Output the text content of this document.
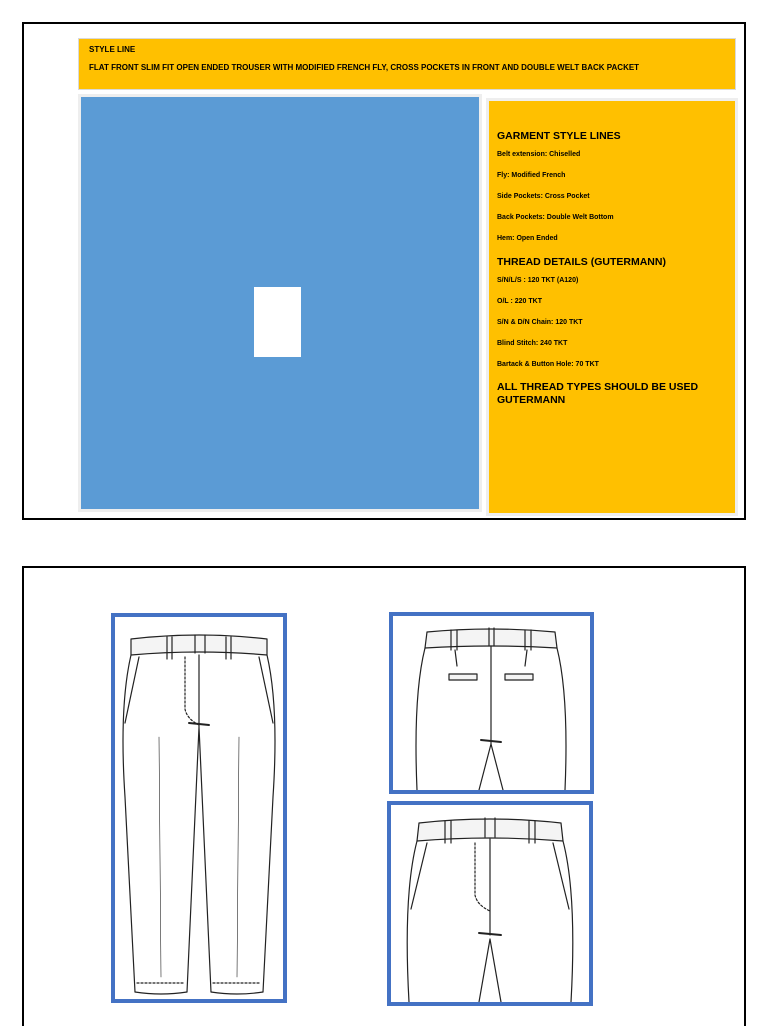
STYLE LINE
FLAT FRONT SLIM FIT OPEN ENDED TROUSER WITH MODIFIED FRENCH FLY, CROSS POCKETS IN FRONT AND DOUBLE WELT BACK PACKET
GARMENT STYLE LINES
Belt extension: Chiselled
Fly: Modified French
Side Pockets: Cross Pocket
Back Pockets: Double Welt Bottom
Hem: Open Ended
THREAD DETAILS (GUTERMANN)
S/N/L/S : 120 TKT (A120)
O/L : 220 TKT
S/N & D/N Chain: 120 TKT
Blind Stitch: 240 TKT
Bartack & Button Hole: 70 TKT
ALL THREAD TYPES SHOULD BE USED GUTERMANN
